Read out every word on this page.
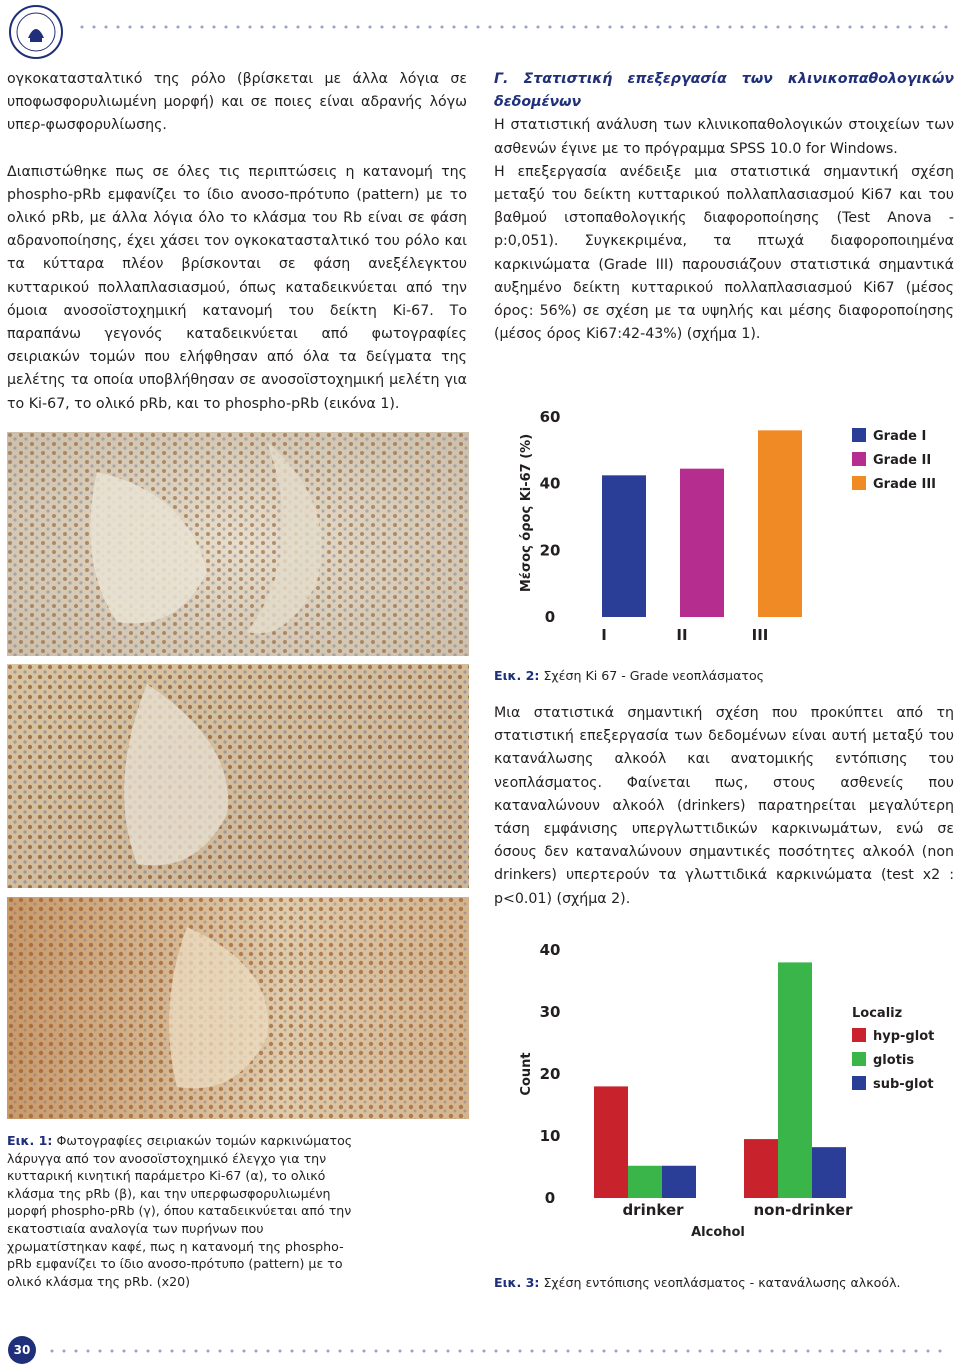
ογκοκατασταλτικό της ρόλο (βρίσκεται με άλλα λόγια σε υποφωσφορυλιωμένη μορφή) και σε ποιες είναι αδρανής λόγω υπερ-φωσφορυλίωσης.

Διαπιστώθηκε πως σε όλες τις περιπτώσεις η κατανομή της phospho-pRb εμφανίζει το ίδιο ανοσο-πρότυπο (pattern) με το ολικό pRb, με άλλα λόγια όλο το κλάσμα του Rb είναι σε φάση αδρανοποίησης, έχει χάσει τον ογκοκατασταλτικό του ρόλο και τα κύτταρα πλέον βρίσκονται σε φάση ανεξέλεγκτου κυτταρικού πολλαπλασιασμού, όπως καταδεικνύεται από την όμοια ανοσοϊστοχημική κατανομή του δείκτη Ki-67. Το παραπάνω γεγονός καταδεικνύεται από φωτογραφίες σειριακών τομών που ελήφθησαν από όλα τα δείγματα της μελέτης τα οποία υποβλήθησαν σε ανοσοϊστοχημική μελέτη για το Ki-67, το ολικό pRb, και το phospho-pRb (εικόνα 1).

Γ. Στατιστική επεξεργασία των κλινικοπαθολογικών δεδομένων

Η στατιστική ανάλυση των κλινικοπαθολογικών στοιχείων των ασθενών έγινε με το πρόγραμμα SPSS 10.0 for Windows.

Η επεξεργασία ανέδειξε μια στατιστικά σημαντική σχέση μεταξύ του δείκτη κυτταρικού πολλαπλασιασμού Ki67 και του βαθμού ιστοπαθολογικής διαφοροποίησης (Test Anova - p:0,051). Συγκεκριμένα, τα πτωχά διαφοροποιημένα καρκινώματα (Grade III) παρουσιάζουν στατιστικά σημαντικά αυξημένο δείκτη κυτταρικού πολλαπλασιασμού Ki67 (μέσος όρος: 56%) σε σχέση με τα υψηλής και μέσης διαφοροποίησης (μέσος όρος Ki67:42-43%) (σχήμα 1).

Μια στατιστικά σημαντική σχέση που προκύπτει από τη στατιστική επεξεργασία των δεδομένων είναι αυτή μεταξύ του κατανάλωσης αλκοόλ και ανατομικής εντόπισης του νεοπλάσματος. Φαίνεται πως, στους ασθενείς που καταναλώνουν αλκοόλ (drinkers) παρατηρείται μεγαλύτερη τάση εμφάνισης υπεργλωττιδικών καρκινωμάτων, ενώ σε όσους δεν καταναλώνουν σημαντικές ποσότητες αλκοόλ (non drinkers) υπερτερούν τα γλωττιδικά καρκινώματα (test x2 : p<0.01) (σχήμα 2).

Εικ. 1: Φωτογραφίες σειριακών τομών καρκινώματος λάρυγγα από τον ανοσοϊστοχημικό έλεγχο για την κυτταρική κινητική παράμετρο Ki-67 (α), το ολικό κλάσμα της pRb (β), και την υπερφωσφορυλιωμένη μορφή phospho-pRb (γ), όπου καταδεικνύεται από την εκατοστιαία αναλογία των πυρήνων που χρωματίστηκαν καφέ, πως η κατανομή της phospho-pRb εμφανίζει το ίδιο ανοσο-πρότυπο (pattern) με το ολικό κλάσμα της pRb. (x20)
Εικ. 2: Σχέση Ki 67 - Grade νεοπλάσματος
Εικ. 3: Σχέση εντόπισης νεοπλάσματος - κατανάλωσης αλκοόλ.
Μέσος όρος Ki-67 (%)
0
20
40
60
I	II	III
Grade I
Grade II
Grade III
Count
0
10
20
30
40
drinker	non-drinker
Alcohol
Localiz
hyp-glot
glotis
sub-glot
30
